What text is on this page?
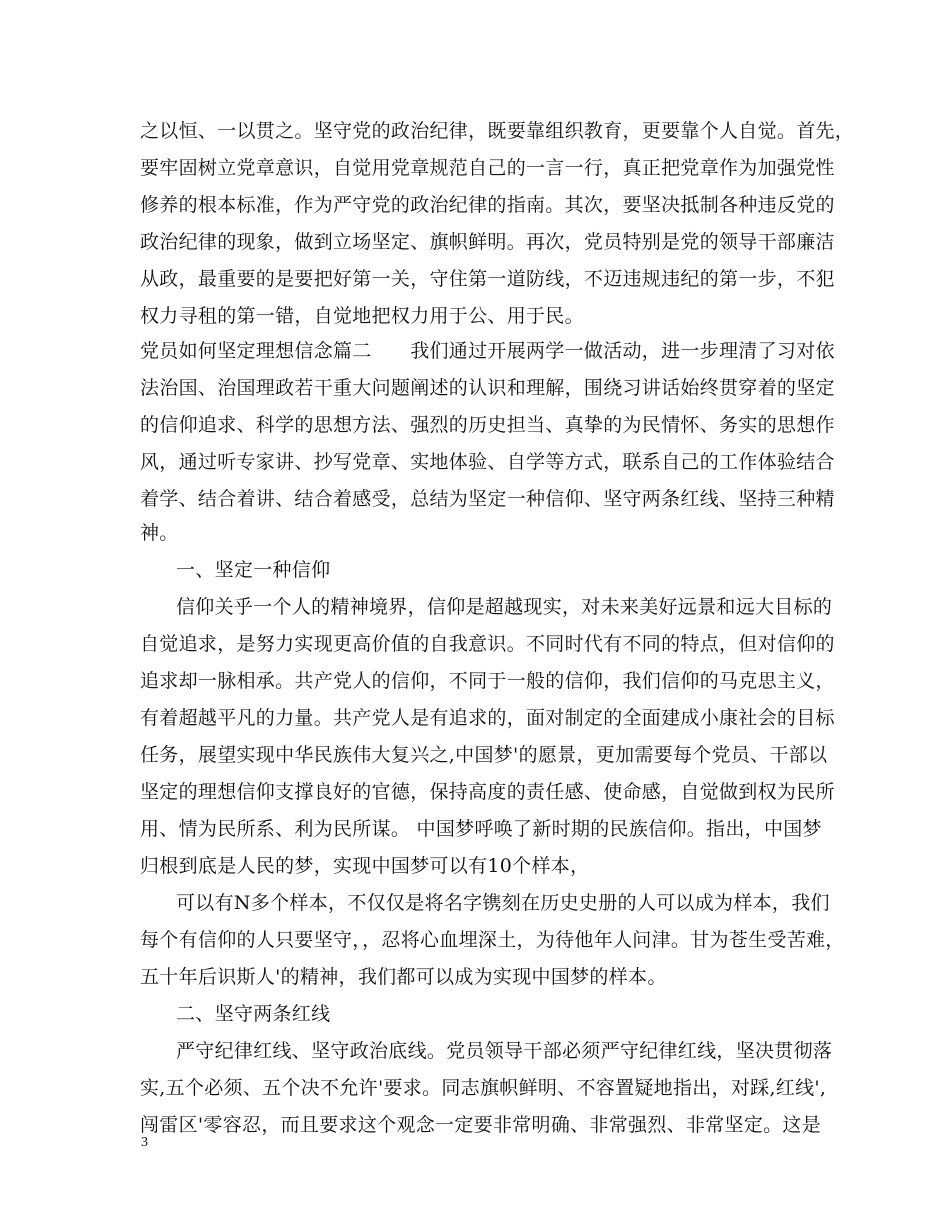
之以恒、一以贯之。坚守党的政治纪律，既要靠组织教育，更要靠个人自觉。首先，
要牢固树立党章意识，自觉用党章规范自己的一言一行，真正把党章作为加强党性
修养的根本标准，作为严守党的政治纪律的指南。其次，要坚决抵制各种违反党的
政治纪律的现象，做到立场坚定、旗帜鲜明。再次，党员特别是党的领导干部廉洁
从政，最重要的是要把好第一关，守住第一道防线，不迈违规违纪的第一步，不犯
权力寻租的第一错，自觉地把权力用于公、用于民。
党员如何坚定理想信念篇二　　我们通过开展两学一做活动，进一步理清了习对依
法治国、治国理政若干重大问题阐述的认识和理解，围绕习讲话始终贯穿着的坚定
的信仰追求、科学的思想方法、强烈的历史担当、真挚的为民情怀、务实的思想作
风，通过听专家讲、抄写党章、实地体验、自学等方式，联系自己的工作体验结合
着学、结合着讲、结合着感受，总结为坚定一种信仰、坚守两条红线、坚持三种精
神。
一、坚定一种信仰
信仰关乎一个人的精神境界，信仰是超越现实，对未来美好远景和远大目标的
自觉追求，是努力实现更高价值的自我意识。不同时代有不同的特点，但对信仰的
追求却一脉相承。共产党人的信仰，不同于一般的信仰，我们信仰的马克思主义，
有着超越平凡的力量。共产党人是有追求的，面对制定的全面建成小康社会的目标
任务，展望实现中华民族伟大复兴之,中国梦'的愿景，更加需要每个党员、干部以
坚定的理想信仰支撑良好的官德，保持高度的责任感、使命感，自觉做到权为民所
用、情为民所系、利为民所谋。 中国梦呼唤了新时期的民族信仰。指出，中国梦
归根到底是人民的梦，实现中国梦可以有10个样本，
可以有N多个样本，不仅仅是将名字镌刻在历史史册的人可以成为样本，我们
每个有信仰的人只要坚守，，忍将心血埋深土，为待他年人问津。甘为苍生受苦难，
五十年后识斯人'的精神，我们都可以成为实现中国梦的样本。
二、坚守两条红线
严守纪律红线、坚守政治底线。党员领导干部必须严守纪律红线，坚决贯彻落
实,五个必须、五个决不允许'要求。同志旗帜鲜明、不容置疑地指出，对踩,红线',
闯雷区'零容忍，而且要求这个观念一定要非常明确、非常强烈、非常坚定。这是
3
